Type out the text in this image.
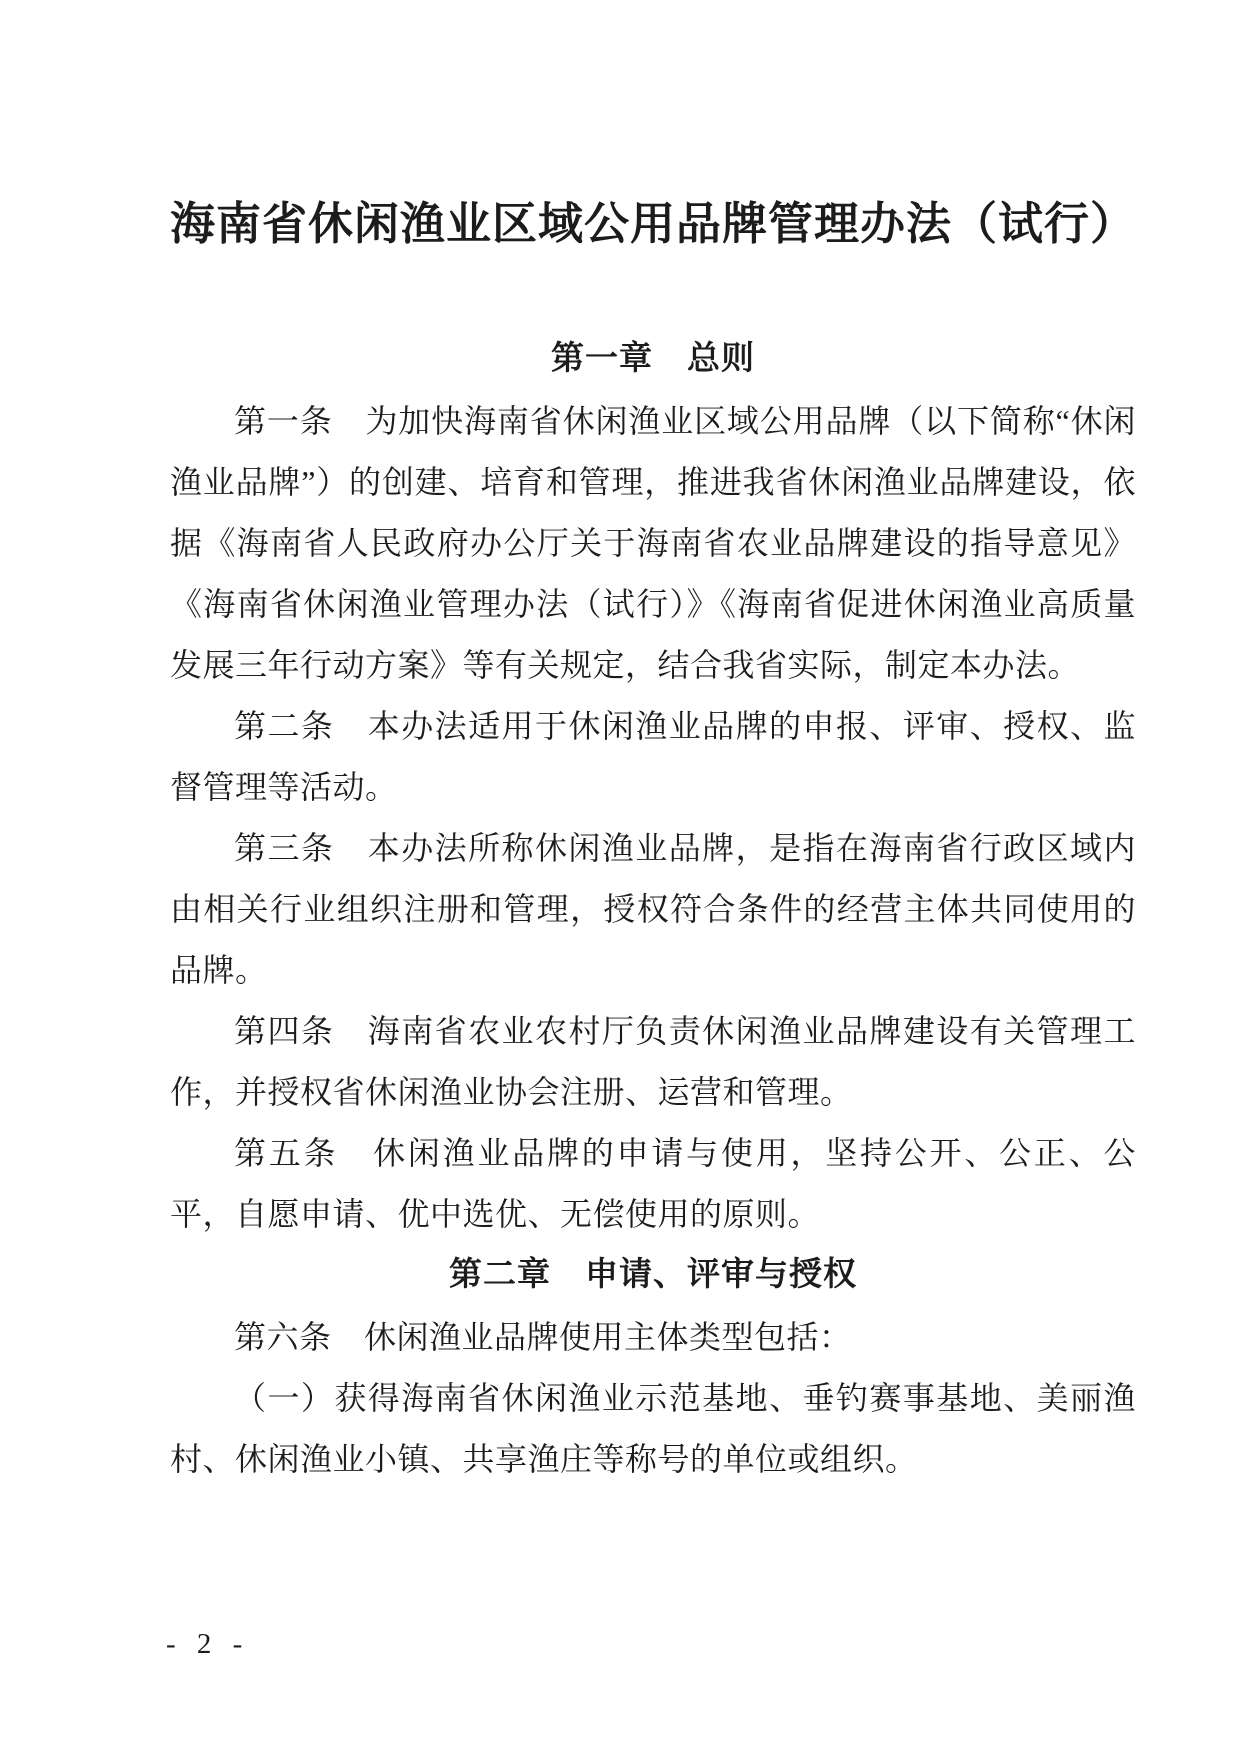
海南省休闲渔业区域公用品牌管理办法（试行）
第一章　总则

第一条　为加快海南省休闲渔业区域公用品牌（以下简称“休闲渔业品牌”）的创建、培育和管理，推进我省休闲渔业品牌建设，依据《海南省人民政府办公厅关于海南省农业品牌建设的指导意见》《海南省休闲渔业管理办法（试行）》《海南省促进休闲渔业高质量发展三年行动方案》等有关规定，结合我省实际，制定本办法。

第二条　本办法适用于休闲渔业品牌的申报、评审、授权、监督管理等活动。

第三条　本办法所称休闲渔业品牌，是指在海南省行政区域内由相关行业组织注册和管理，授权符合条件的经营主体共同使用的品牌。

第四条　海南省农业农村厅负责休闲渔业品牌建设有关管理工作，并授权省休闲渔业协会注册、运营和管理。

第五条　休闲渔业品牌的申请与使用，坚持公开、公正、公平，自愿申请、优中选优、无偿使用的原则。

第二章　申请、评审与授权

第六条　休闲渔业品牌使用主体类型包括：

（一）获得海南省休闲渔业示范基地、垂钓赛事基地、美丽渔村、休闲渔业小镇、共享渔庄等称号的单位或组织。

- 2 -
